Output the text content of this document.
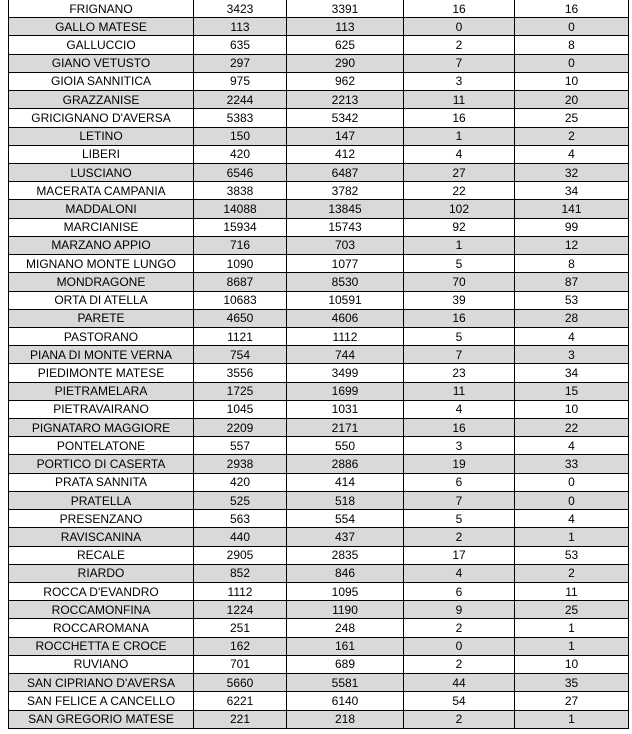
FRIGNANO	3423	3391	16	16
GALLO MATESE	113	113	0	0
GALLUCCIO	635	625	2	8
GIANO VETUSTO	297	290	7	0
GIOIA SANNITICA	975	962	3	10
GRAZZANISE	2244	2213	11	20
GRICIGNANO D'AVERSA	5383	5342	16	25
LETINO	150	147	1	2
LIBERI	420	412	4	4
LUSCIANO	6546	6487	27	32
MACERATA CAMPANIA	3838	3782	22	34
MADDALONI	14088	13845	102	141
MARCIANISE	15934	15743	92	99
MARZANO APPIO	716	703	1	12
MIGNANO MONTE LUNGO	1090	1077	5	8
MONDRAGONE	8687	8530	70	87
ORTA DI ATELLA	10683	10591	39	53
PARETE	4650	4606	16	28
PASTORANO	1121	1112	5	4
PIANA DI MONTE VERNA	754	744	7	3
PIEDIMONTE MATESE	3556	3499	23	34
PIETRAMELARA	1725	1699	11	15
PIETRAVAIRANO	1045	1031	4	10
PIGNATARO MAGGIORE	2209	2171	16	22
PONTELATONE	557	550	3	4
PORTICO DI CASERTA	2938	2886	19	33
PRATA SANNITA	420	414	6	0
PRATELLA	525	518	7	0
PRESENZANO	563	554	5	4
RAVISCANINA	440	437	2	1
RECALE	2905	2835	17	53
RIARDO	852	846	4	2
ROCCA D'EVANDRO	1112	1095	6	11
ROCCAMONFINA	1224	1190	9	25
ROCCAROMANA	251	248	2	1
ROCCHETTA E CROCE	162	161	0	1
RUVIANO	701	689	2	10
SAN CIPRIANO D'AVERSA	5660	5581	44	35
SAN FELICE A CANCELLO	6221	6140	54	27
SAN GREGORIO MATESE	221	218	2	1
